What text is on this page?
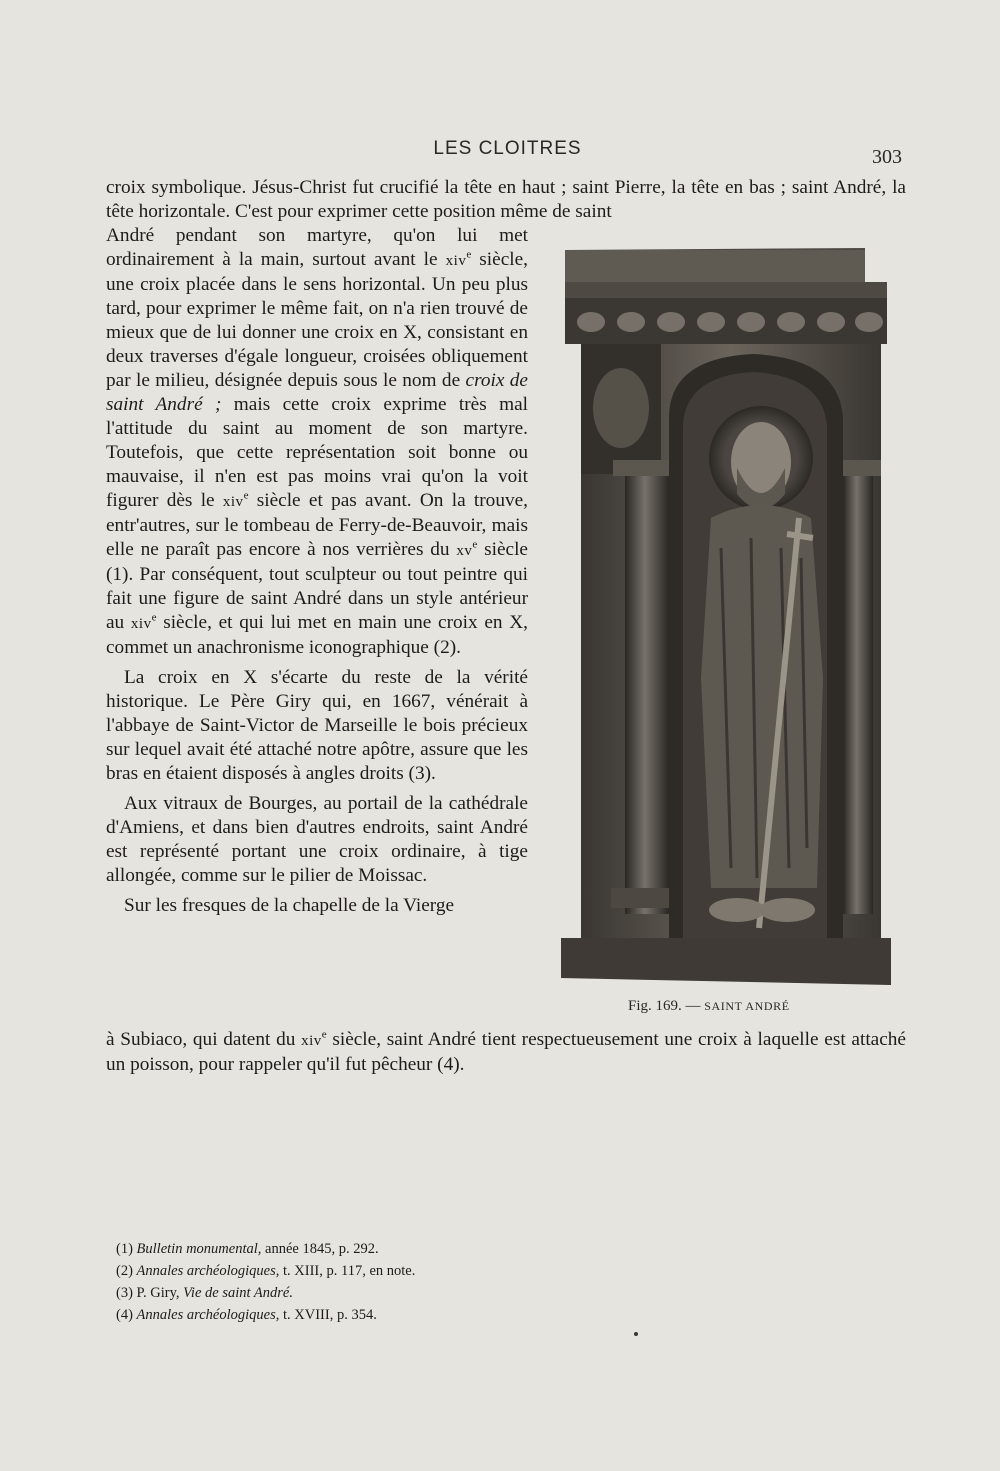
LES CLOITRES	303
croix symbolique. Jésus-Christ fut crucifié la tête en haut ; saint Pierre, la tête en bas ; saint André, la tête horizontale. C'est pour exprimer cette position même de saint

André pendant son martyre, qu'on lui met ordinairement à la main, surtout avant le xiv$^e$ siècle, une croix placée dans le sens horizontal. Un peu plus tard, pour exprimer le même fait, on n'a rien trouvé de mieux que de lui donner une croix en X, consistant en deux traverses d'égale longueur, croisées obliquement par le milieu, désignée depuis sous le nom de croix de saint André ; mais cette croix exprime très mal l'attitude du saint au moment de son martyre. Toutefois, que cette représentation soit bonne ou mauvaise, il n'en est pas moins vrai qu'on la voit figurer dès le xiv$^e$ siècle et pas avant. On la trouve, entr'autres, sur le tombeau de Ferry-de-Beauvoir, mais elle ne paraît pas encore à nos verrières du $xv^e$ siècle (1). Par conséquent, tout sculpteur ou tout peintre qui fait une figure de saint André dans un style antérieur au xiv$^e$ siècle, et qui lui met en main une croix en X, commet un anachronisme iconographique (2).

La croix en X s'écarte du reste de la vérité historique. Le Père Giry qui, en 1667, vénérait à l'abbaye de Saint-Victor de Marseille le bois précieux sur lequel avait été attaché notre apôtre, assure que les bras en étaient disposés à angles droits (3).

Aux vitraux de Bourges, au portail de la cathédrale d'Amiens, et dans bien d'autres endroits, saint André est représenté portant une croix ordinaire, à tige allongée, comme sur le pilier de Moissac.

Sur les fresques de la chapelle de la Vierge

à Subiaco, qui datent du xiv$^e$ siècle, saint André tient respectueusement une croix à laquelle est attaché un poisson, pour rappeler qu'il fut pêcheur (4).
Fig. 169. — SAINT ANDRÉ
(1) Bulletin monumental, année 1845, p. 292.
(2) Annales archéologiques, t. XIII, p. 117, en note.
(3) P. Giry, Vie de saint André.
(4) Annales archéologiques, t. XVIII, p. 354.
